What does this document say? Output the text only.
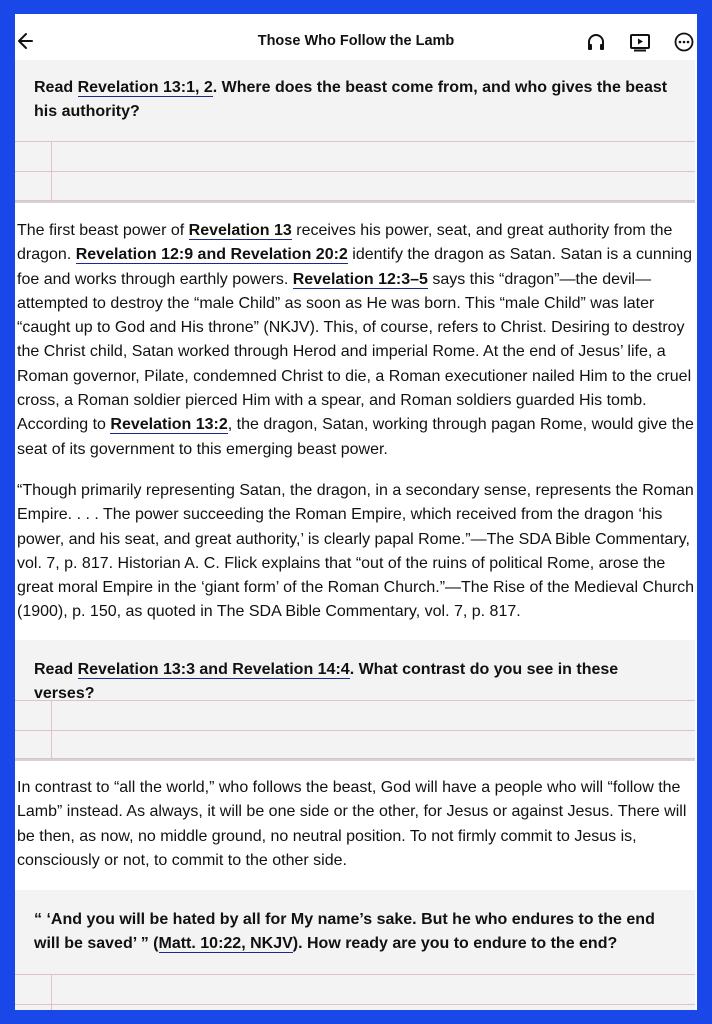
Those Who Follow the Lamb
Read Revelation 13:1, 2. Where does the beast come from, and who gives the beast his authority?

The first beast power of Revelation 13 receives his power, seat, and great authority from the dragon. Revelation 12:9 and Revelation 20:2 identify the dragon as Satan. Satan is a cunning foe and works through earthly powers. Revelation 12:3–5 says this “dragon”—the devil—attempted to destroy the “male Child” as soon as He was born. This “male Child” was later “caught up to God and His throne” (NKJV). This, of course, refers to Christ. Desiring to destroy the Christ child, Satan worked through Herod and imperial Rome. At the end of Jesus’ life, a Roman governor, Pilate, condemned Christ to die, a Roman executioner nailed Him to the cruel cross, a Roman soldier pierced Him with a spear, and Roman soldiers guarded His tomb. According to Revelation 13:2, the dragon, Satan, working through pagan Rome, would give the seat of its government to this emerging beast power.

“Though primarily representing Satan, the dragon, in a secondary sense, represents the Roman Empire. . . . The power succeeding the Roman Empire, which received from the dragon ‘his power, and his seat, and great authority,’ is clearly papal Rome.”—The SDA Bible Commentary, vol. 7, p. 817. Historian A. C. Flick explains that “out of the ruins of political Rome, arose the great moral Empire in the ‘giant form’ of the Roman Church.”—The Rise of the Medieval Church (1900), p. 150, as quoted in The SDA Bible Commentary, vol. 7, p. 817.

Read Revelation 13:3 and Revelation 14:4. What contrast do you see in these verses?

In contrast to “all the world,” who follows the beast, God will have a people who will “follow the Lamb” instead. As always, it will be one side or the other, for Jesus or against Jesus. There will be then, as now, no middle ground, no neutral position. To not firmly commit to Jesus is, consciously or not, to commit to the other side.

“ ‘And you will be hated by all for My name’s sake. But he who endures to the end will be saved’ ” (Matt. 10:22, NKJV). How ready are you to endure to the end?
